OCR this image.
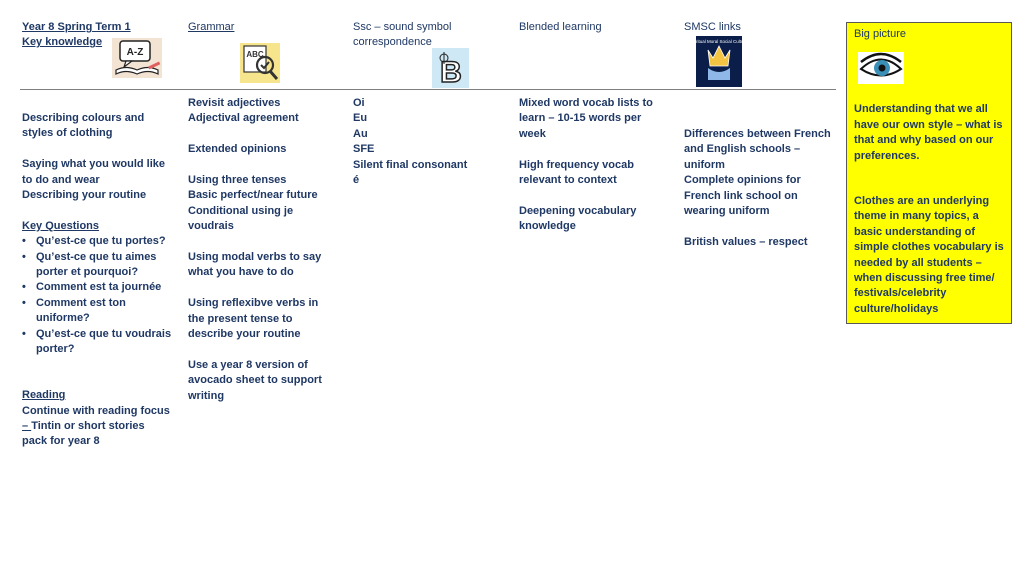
Year 8 Spring Term 1
Key knowledge
A-Z
Grammar
ABC
Ssc – sound symbol
correspondence
B
Blended learning	SMSC links
Spiritual Moral Social Cultural

Describing colours and

styles of clothing

Saying what you would like

to do and wear

Describing your routine

Key Questions

• Qu’est-ce que tu portes?
• Qu’est-ce que tu aimes
porter et pourquoi?
• Comment est ta journée
• Comment est ton
uniforme?
• Qu’est-ce que tu voudrais
porter?

Reading

Continue with reading focus

– Tintin or short stories

pack for year 8

Revisit adjectives

Adjectival agreement

Extended opinions

Using three tenses

Basic perfect/near future

Conditional using je

voudrais

Using modal verbs to say

what you have to do

Using reflexibve verbs in

the present tense to

describe your routine

Use a year 8 version of

avocado sheet to support

writing

Oi

Eu

Au

SFE

Silent final consonant

é

Mixed word vocab lists to

learn – 10-15 words per

week

High frequency vocab

relevant to context

Deepening vocabulary

knowledge

Differences between French

and English schools –

uniform

Complete opinions for

French link school on

wearing uniform

British values – respect

Big picture

Understanding that we all

have our own style – what is

that and why based on our

preferences.

Clothes are an underlying

theme in many topics, a

basic understanding of

simple clothes vocabulary is

needed by all students –

when discussing free time/

festivals/celebrity

culture/holidays
